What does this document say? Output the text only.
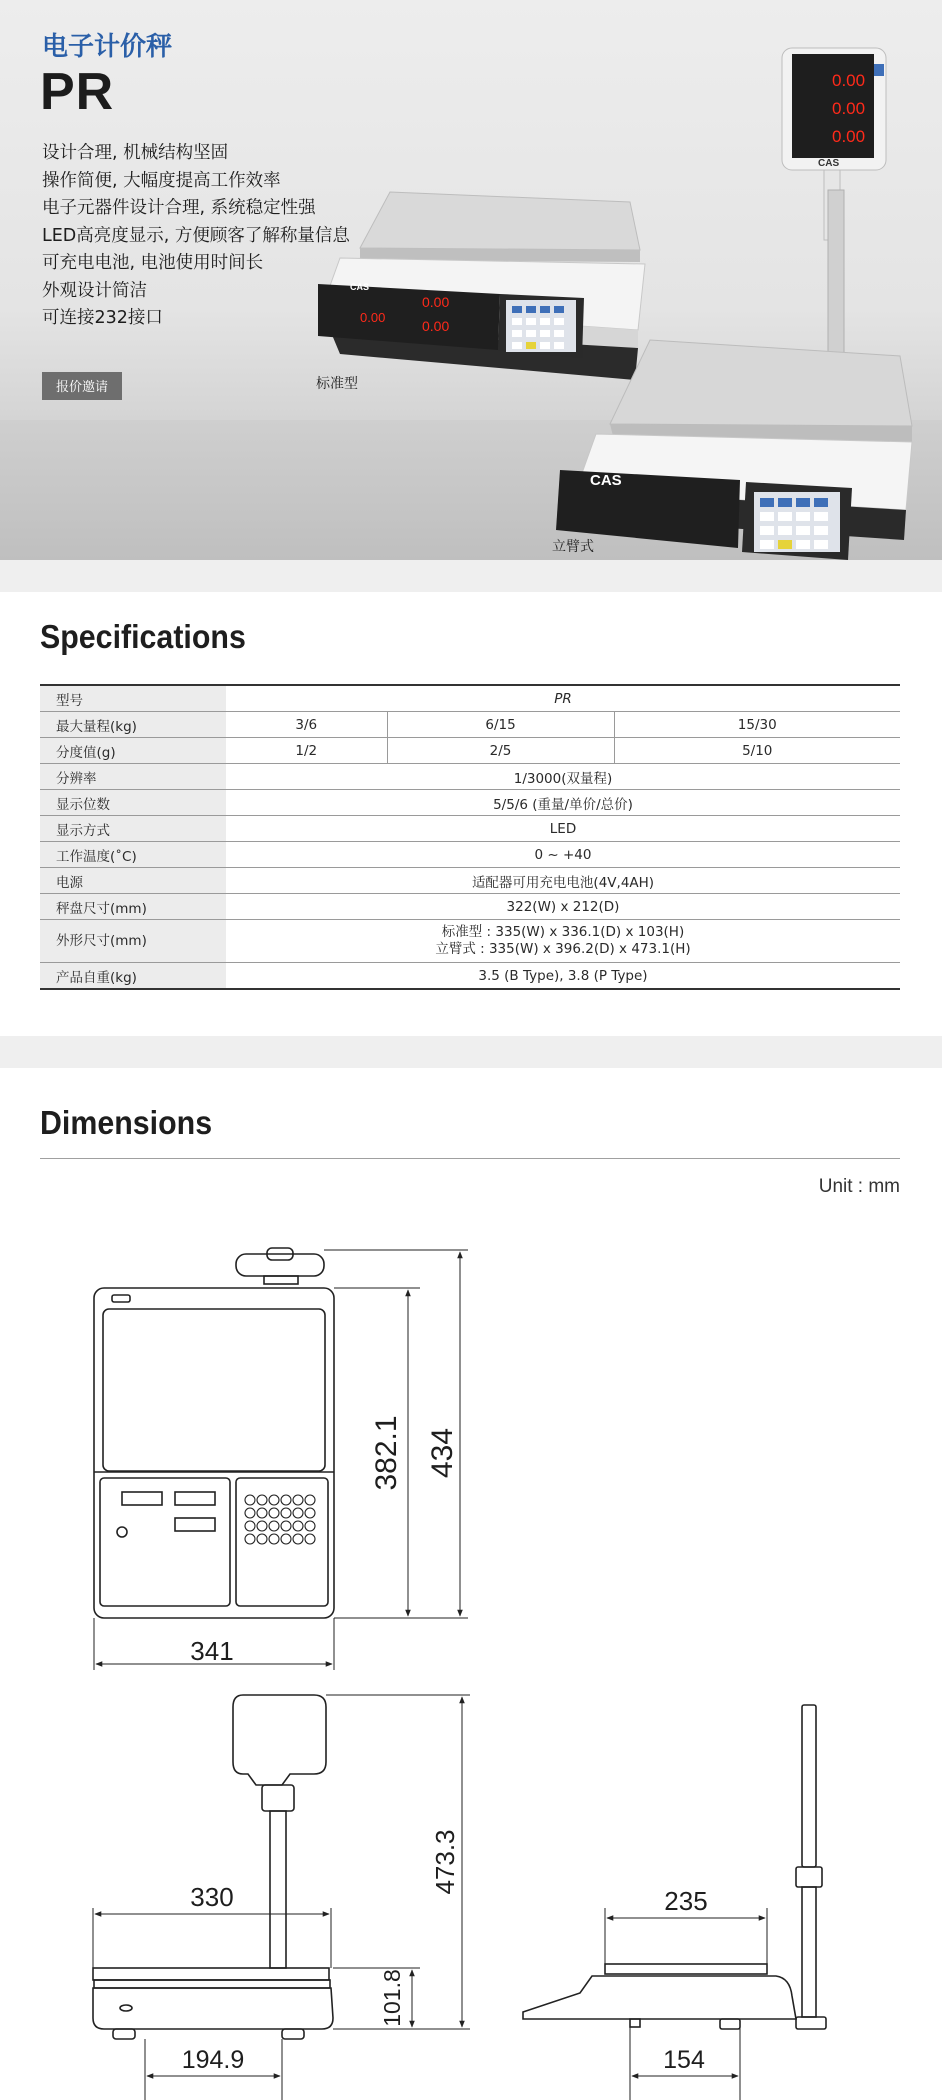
电子计价秤
PR
设计合理, 机械结构坚固
操作简便, 大幅度提高工作效率
电子元器件设计合理, 系统稳定性强
LED高亮度显示, 方便顾客了解称量信息
可充电电池, 电池使用时间长
外观设计简洁
可连接232接口
报价邀请
CAS
0.00
0.00
0.00
标准型
0.00
0.00
0.00
CAS
CAS
立臂式
Specifications
型号	PR		
最大量程(kg)	3/6	6/15	15/30
分度值(g)	1/2	2/5	5/10
分辨率	1/3000(双量程)		
显示位数	5/5/6 (重量/单价/总价)		
显示方式	LED		
工作温度(˚C)	0 ~ +40		
电源	适配器可用充电电池(4V,4AH)		
秤盘尺寸(mm)	322(W) x 212(D)		
外形尺寸(mm)	标准型 : 335(W) x 336.1(D) x 103(H)
立臂式 : 335(W) x 396.2(D) x 473.1(H)		

产品自重(kg)	3.5 (B Type), 3.8 (P Type)		
Dimensions
Unit : mm
382.1 434
341
330
473.3
101.8
194.9
235
154
